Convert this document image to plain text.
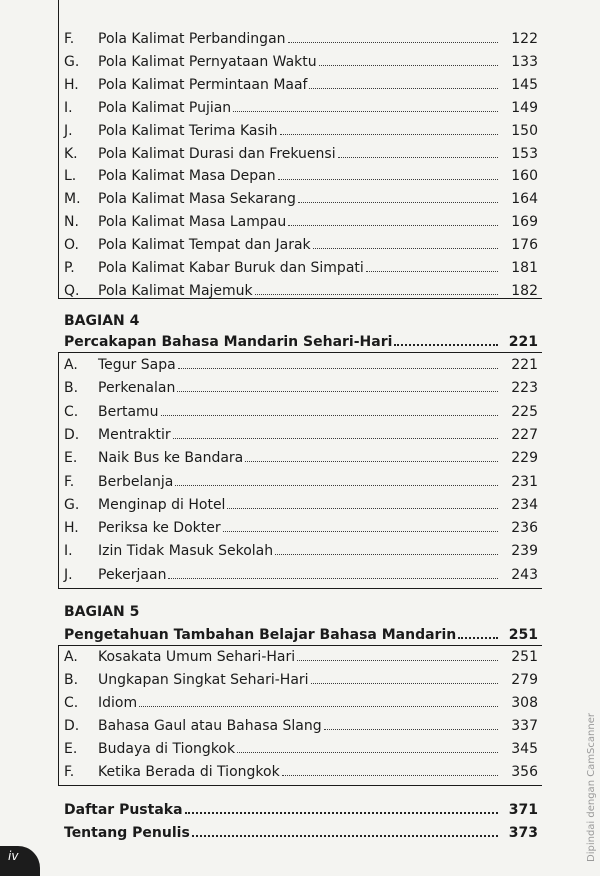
F.	Pola Kalimat Perbandingan	122
G.	Pola Kalimat Pernyataan Waktu	133
H.	Pola Kalimat Permintaan Maaf	145
I.	Pola Kalimat Pujian	149
J.	Pola Kalimat Terima Kasih	150
K.	Pola Kalimat Durasi dan Frekuensi	153
L.	Pola Kalimat Masa Depan	160
M.	Pola Kalimat Masa Sekarang	164
N.	Pola Kalimat Masa Lampau	169
O.	Pola Kalimat Tempat dan Jarak	176
P.	Pola Kalimat Kabar Buruk dan Simpati	181
Q.	Pola Kalimat Majemuk	182
BAGIAN 4
Percakapan Bahasa Mandarin Sehari-Hari	221
A.	Tegur Sapa	221
B.	Perkenalan	223
C.	Bertamu	225
D.	Mentraktir	227
E.	Naik Bus ke Bandara	229
F.	Berbelanja	231
G.	Menginap di Hotel	234
H.	Periksa ke Dokter	236
I.	Izin Tidak Masuk Sekolah	239
J.	Pekerjaan	243
BAGIAN 5
Pengetahuan Tambahan Belajar Bahasa Mandarin	251
A.	Kosakata Umum Sehari-Hari	251
B.	Ungkapan Singkat Sehari-Hari	279
C.	Idiom	308
D.	Bahasa Gaul atau Bahasa Slang	337
E.	Budaya di Tiongkok	345
F.	Ketika Berada di Tiongkok	356
Daftar Pustaka	371
Tentang Penulis	373
iv	Dipindai dengan CamScanner
